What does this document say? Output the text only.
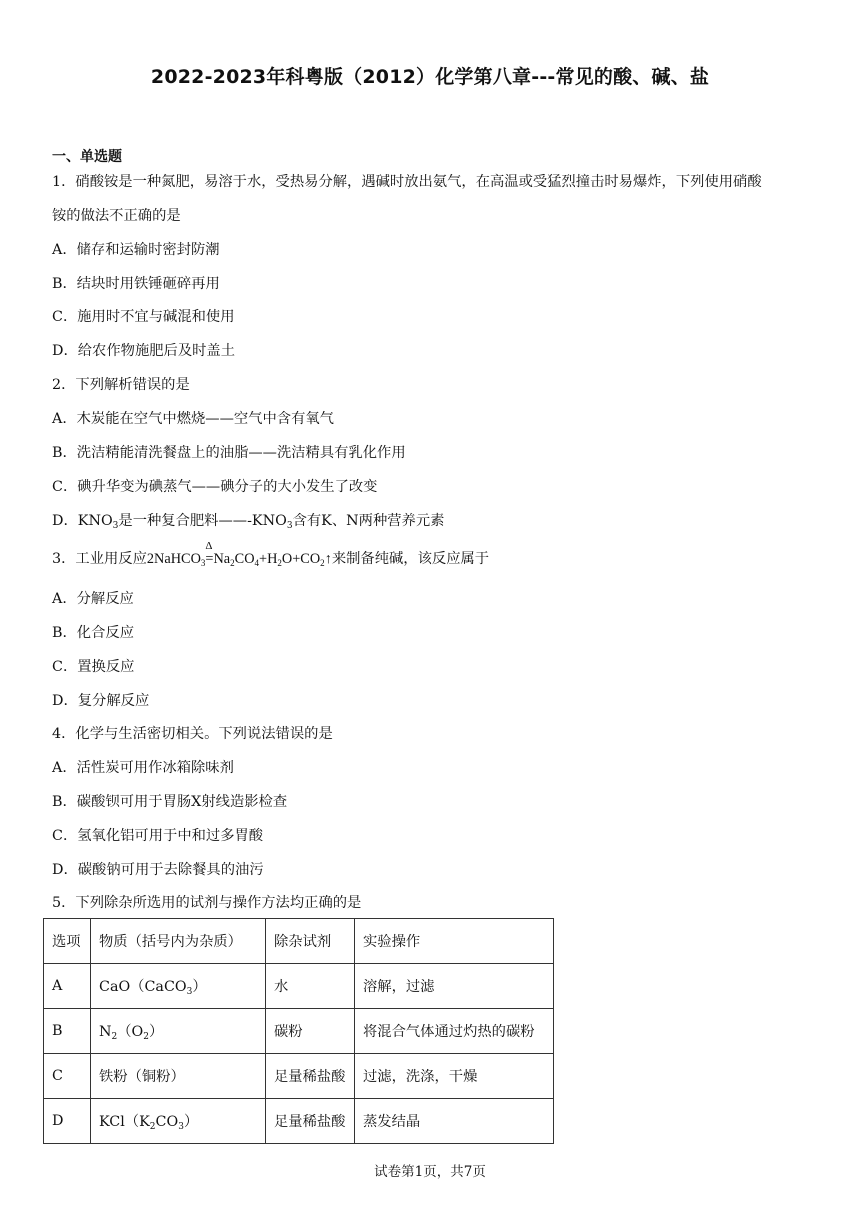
2022-2023年科粤版（2012）化学第八章---常见的酸、碱、盐
一、单选题
1．硝酸铵是一种氮肥，易溶于水，受热易分解，遇碱时放出氨气，在高温或受猛烈撞击时易爆炸，下列使用硝酸
铵的做法不正确的是
A．储存和运输时密封防潮
B．结块时用铁锤砸碎再用
C．施用时不宜与碱混和使用
D．给农作物施肥后及时盖土
2．下列解析错误的是
A．木炭能在空气中燃烧——空气中含有氧气
B．洗洁精能清洗餐盘上的油脂——洗洁精具有乳化作用
C．碘升华变为碘蒸气——碘分子的大小发生了改变
D．$KNO_3$是一种复合肥料$——-KNO_3$含有K、N两种营养元素
3．工业用反应2NaHCO$_3$
Δ
$=Na_2CO_4+H_2O+CO_2↑$来制备纯碱，该反应属于
A．分解反应
B．化合反应
C．置换反应
D．复分解反应
4．化学与生活密切相关。下列说法错误的是
A．活性炭可用作冰箱除味剂
B．碳酸钡可用于胃肠X射线造影检查
C．氢氧化铝可用于中和过多胃酸
D．碳酸钠可用于去除餐具的油污
5．下列除杂所选用的试剂与操作方法均正确的是
选项	物质（括号内为杂质）	除杂试剂	实验操作
A	CaO（CaCO$_3$）	水	溶解，过滤
B	$N_2(O_2)$	碳粉	将混合气体通过灼热的碳粉
C	铁粉（铜粉）	足量稀盐酸	过滤，洗涤，干燥
D	$KCl(K_2CO_3)$	足量稀盐酸	蒸发结晶
试卷第1页，共7页
